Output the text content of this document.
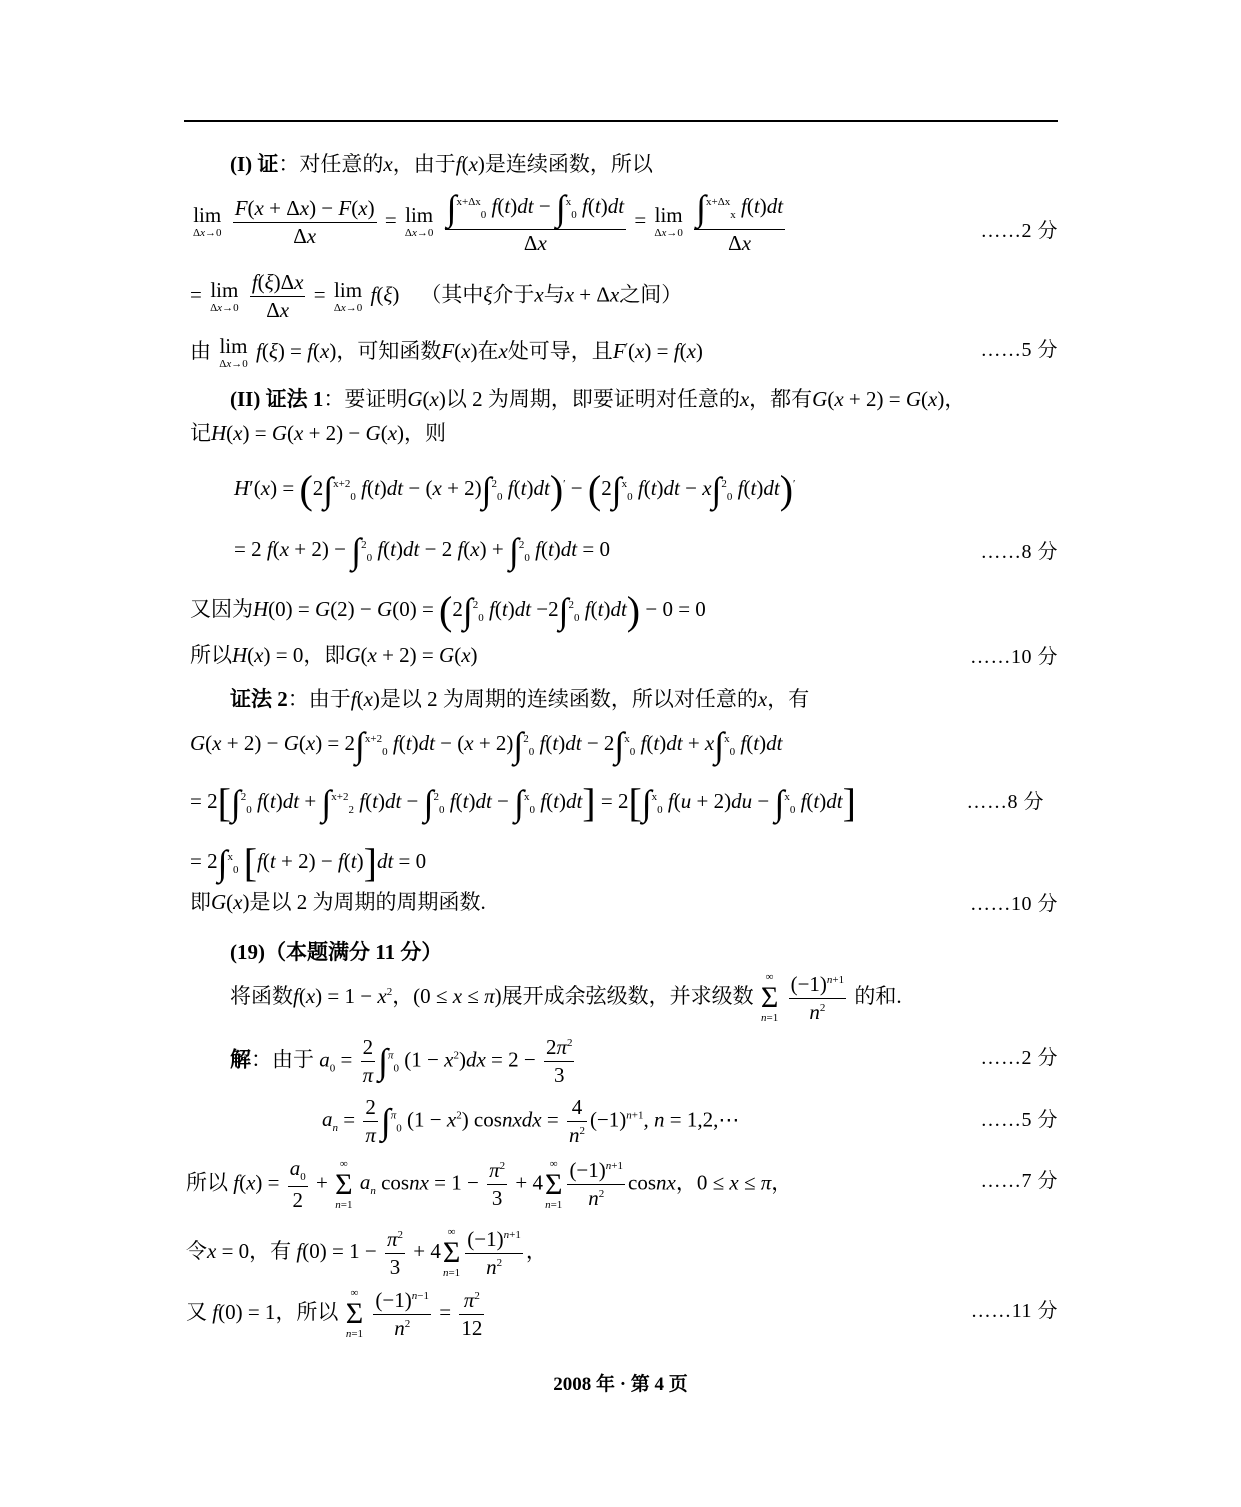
(I) 证：对任意的x，由于f(x)是连续函数，所以
lim
Δx→0
$\frac{F(x + \Delta x) - F(x)}{\Delta x} = \lim$
Δx→0
$\frac{\int^{x+\Delta x}_0 f(t)dt - \int^x_0 f(t)dt}{\Delta x} = \lim$
Δx→0
$\frac{\int^{x+\Delta x}_x f(t)dt}{\Delta x}$	……2 分
= lim
Δx→0
$\frac{f(\xi)\Delta x}{\Delta x} = \lim$
Δx→0
f(ξ)    （其中ξ介于x与x + Δx之间）
由 lim
Δx→0
f(ξ) = f(x)，可知函数F(x)在x处可导，且F′(x) = f(x)	……5 分
(II) 证法 1：要证明G(x)以 2 为周期，即要证明对任意的x，都有G(x + 2) = G(x)，
记H(x) = G(x + 2) − G(x)，则
H′(x) = (2∫$^{x+2}_0$ f(t)dt − (x + 2)∫$^2_0$ f(t)dt)′ − (2∫$^x_0$ f(t)dt − x∫$^2_0$ f(t)dt)′
= 2 f(x + 2) − ∫$^2_0$ f(t)dt − 2 f(x) + ∫$^2_0$ f(t)dt = 0	……8 分
又因为H(0) = G(2) − G(0) = (2∫$^2_0$ f(t)dt −2∫$^2_0$ f(t)dt) − 0 = 0
所以H(x) = 0，即G(x + 2) = G(x)	……10 分
证法 2：由于f(x)是以 2 为周期的连续函数，所以对任意的x，有
G(x + 2) − G(x) = 2∫$^{x+2}_0$ f(t)dt − (x + 2)∫$^2_0$ f(t)dt − 2∫$^x_0$ f(t)dt + x∫$^x_0$ f(t)dt
= 2[∫$^2_0$ f(t)dt + ∫$^{x+2}_2$ f(t)dt − ∫$^2_0$ f(t)dt − ∫$^x_0$ f(t)dt] = 2[∫$^x_0$ f(u + 2)du − ∫$^x_0$ f(t)dt]	……8 分
= 2∫$^x_0$ [f(t + 2) − f(t)]dt = 0
即G(x)是以 2 为周期的周期函数.	……10 分
(19)（本题满分 11 分）
将函数$f(x) = 1 - x^2$，(0 ≤ x ≤ π)展开成余弦级数，并求级数
∞
Σ
n=1
$\frac{(-1)^{n+1}}{n^2}$ 的和.
解：由于 $a_0 = \frac{2}{\pi} \int^\pi_0$ $(1 - x^2)dx = 2 - \frac{2\pi^2}{3}$	……2 分
$a_n = \frac{2}{\pi} \int^\pi_0$ $(1 - x^2)$ cosnxdx = $\frac{4}{n^2} (-1)^{n+1}$, n = 1,2,⋯	……5 分
所以 $f(x) = \frac{a_0}{2}$ +
∞
Σ
n=1
$a_n$ cosnx = $1 - \frac{\pi^2}{3} + 4$
∞
Σ
$n=1 \frac{(-1)^{n+1}}{n^2}$ cosnx，0 ≤ x ≤ π，	……7 分
令x = 0，有 $f(0) = 1 - \frac{\pi^2}{3} + 4$
∞
Σ
$n=1 \frac{(-1)^{n+1}}{n^2}$ ，
又 f(0) = 1，所以
∞
Σ
n=1
$\frac{(-1)^{n-1}}{n^2} = \frac{\pi^2}{12}$	……11 分
2008 年 · 第 4 页
